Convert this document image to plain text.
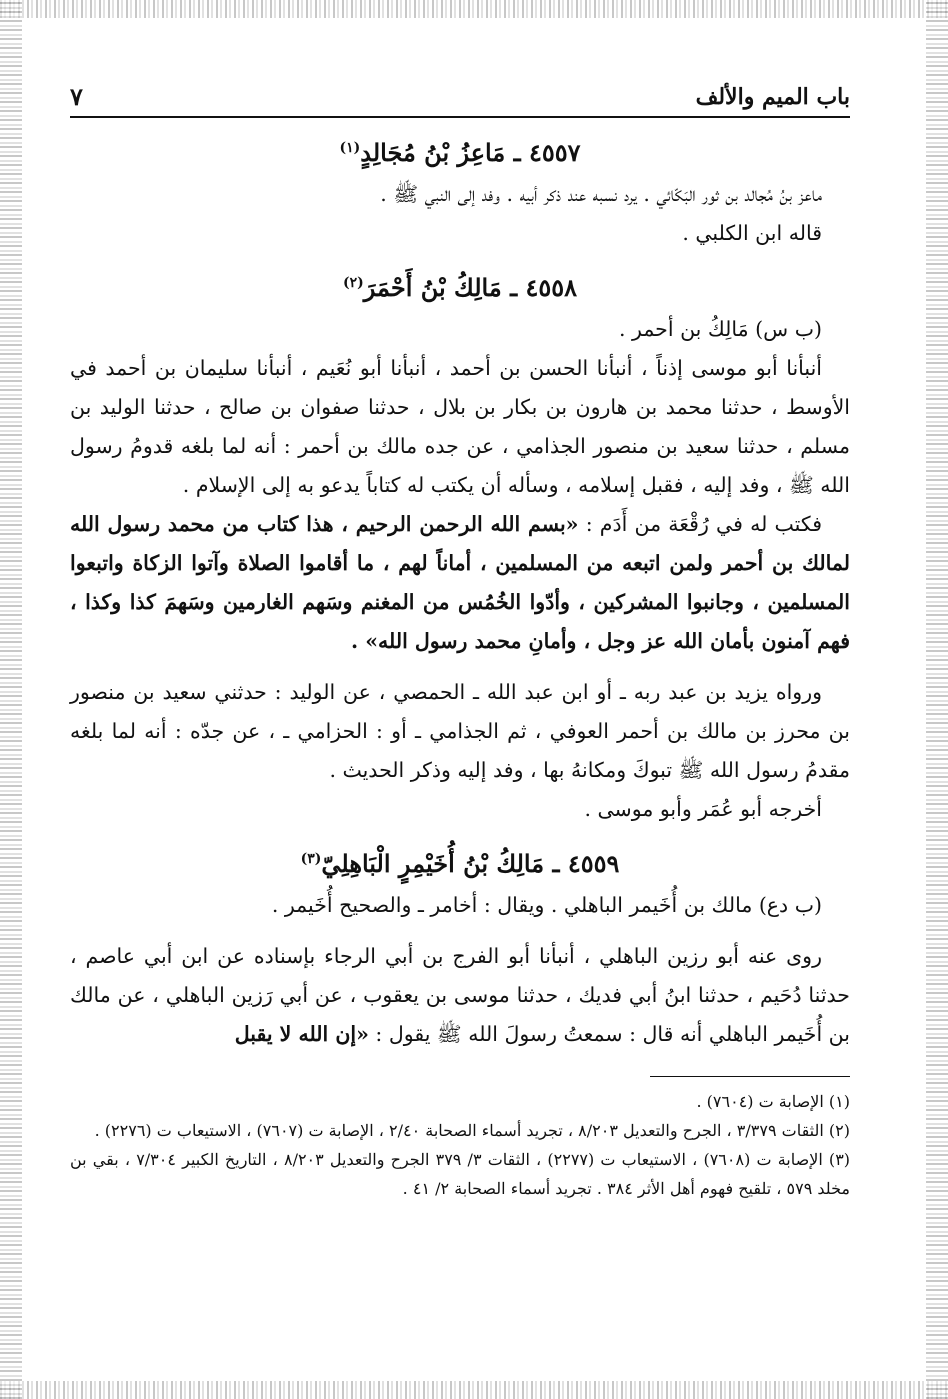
باب الميم والألف
٧
٤٥٥٧ ـ مَاعِزُ بْنُ مُجَالِدٍ$^{(١)}$

ماعز بنُ مُجالد بن ثور البَكّائي . يرد نسبه عند ذكر أبيه . وفد إلى النبي ﷺ .

قاله ابن الكلبي .

٤٥٥٨ ـ مَالِكُ بْنُ أَحْمَرَ$^{(٢)}$

(ب س) مَالِكُ بن أحمر .

أنبأنا أبو موسى إذناً ، أنبأنا الحسن بن أحمد ، أنبأنا أبو نُعَيم ، أنبأنا سليمان بن أحمد في الأوسط ، حدثنا محمد بن هارون بن بكار بن بلال ، حدثنا صفوان بن صالح ، حدثنا الوليد بن مسلم ، حدثنا سعيد بن منصور الجذامي ، عن جده مالك بن أحمر : أنه لما بلغه قدومُ رسول الله ﷺ ، وفد إليه ، فقبل إسلامه ، وسأله أن يكتب له كتاباً يدعو به إلى الإسلام .

فكتب له في رُقْعَة من أَدَم : «بسم الله الرحمن الرحيم ، هذا كتاب من محمد رسول الله لمالك بن أحمر ولمن اتبعه من المسلمين ، أماناً لهم ، ما أقاموا الصلاة وآتوا الزكاة واتبعوا المسلمين ، وجانبوا المشركين ، وأدّوا الخُمُس من المغنم وسَهم الغارمين وسَهمَ كذا وكذا ، فهم آمنون بأمان الله عز وجل ، وأمانِ محمد رسول الله» .

ورواه يزيد بن عبد ربه ـ أو ابن عبد الله ـ الحمصي ، عن الوليد : حدثني سعيد بن منصور بن محرز بن مالك بن أحمر العوفي ، ثم الجذامي ـ أو : الحزامي ـ ، عن جدّه : أنه لما بلغه مقدمُ رسول الله ﷺ تبوكَ ومكانهُ بها ، وفد إليه وذكر الحديث .

أخرجه أبو عُمَر وأبو موسى .

٤٥٥٩ ـ مَالِكُ بْنُ أُخَيْمِرٍ الْبَاهِلِيّ$^{(٣)}$

(ب دع) مالك بن أُخَيمر الباهلي . ويقال : أخامر ـ والصحيح أُخَيمر .

روى عنه أبو رزين الباهلي ، أنبأنا أبو الفرج بن أبي الرجاء بإسناده عن ابن أبي عاصم ، حدثنا دُحَيم ، حدثنا ابنُ أبي فديك ، حدثنا موسى بن يعقوب ، عن أبي رَزين الباهلي ، عن مالك بن أُخَيمر الباهلي أنه قال : سمعتُ رسولَ الله ﷺ يقول : «إن الله لا يقبل

(١) الإصابة ت (٧٦٠٤) .

(٢) الثقات ٣/٣٧٩ ، الجرح والتعديل ٨/٢٠٣ ، تجريد أسماء الصحابة ٢/٤٠ ، الإصابة ت (٧٦٠٧) ، الاستيعاب ت (٢٢٧٦) .

(٣) الإصابة ت (٧٦٠٨) ، الاستيعاب ت (٢٢٧٧) ، الثقات ٣/ ٣٧٩ الجرح والتعديل ٨/٢٠٣ ، التاريخ الكبير ٧/٣٠٤ ، بقي بن مخلد ٥٧٩ ، تلقيح فهوم أهل الأثر ٣٨٤ . تجريد أسماء الصحابة ٢/ ٤١ .
